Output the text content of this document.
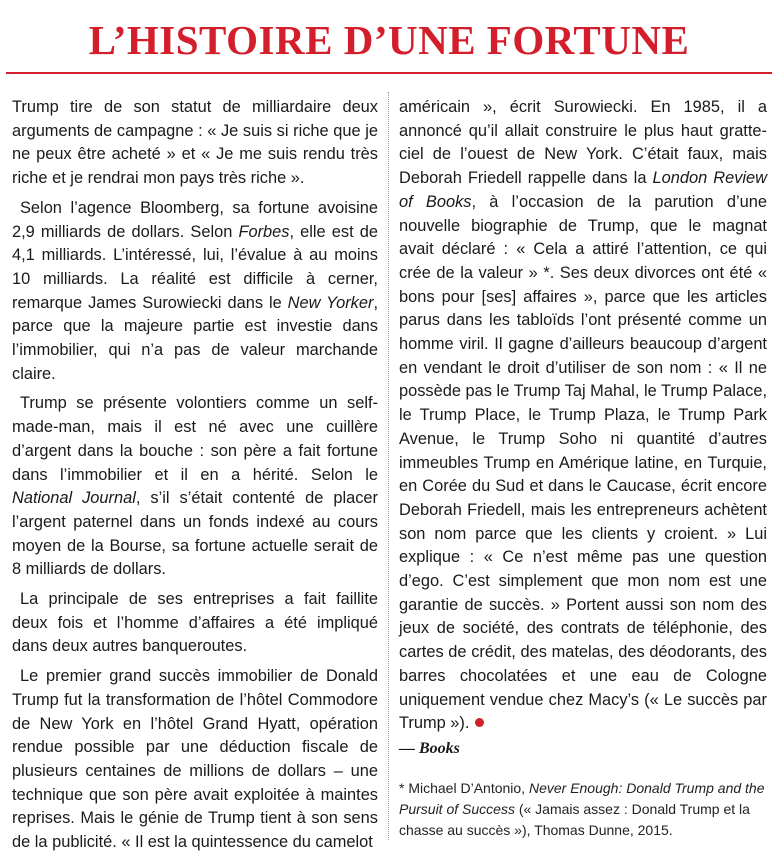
L’HISTOIRE D’UNE FORTUNE

Trump tire de son statut de milliardaire deux arguments de campagne : « Je suis si riche que je ne peux être acheté » et « Je me suis rendu très riche et je rendrai mon pays très riche ».

Selon l’agence Bloomberg, sa fortune avoisine 2,9 milliards de dollars. Selon Forbes, elle est de 4,1 milliards. L’intéressé, lui, l’évalue à au moins 10 milliards. La réalité est difficile à cerner, remarque James Surowiecki dans le New Yorker, parce que la majeure partie est investie dans l’immobilier, qui n’a pas de valeur marchande claire.

Trump se présente volontiers comme un self-made-man, mais il est né avec une cuillère d’argent dans la bouche : son père a fait fortune dans l’immobilier et il en a hérité. Selon le National Journal, s’il s’était contenté de placer l’argent paternel dans un fonds indexé au cours moyen de la Bourse, sa fortune actuelle serait de 8 milliards de dollars.

La principale de ses entreprises a fait faillite deux fois et l’homme d’affaires a été impliqué dans deux autres banqueroutes.

Le premier grand succès immobilier de Donald Trump fut la transformation de l’hôtel Commodore de New York en l’hôtel Grand Hyatt, opération rendue possible par une déduction fiscale de plusieurs centaines de millions de dollars – une technique que son père avait exploitée à maintes reprises. Mais le génie de Trump tient à son sens de la publicité. « Il est la quintessence du camelot

américain », écrit Surowiecki. En 1985, il a annoncé qu’il allait construire le plus haut gratte-ciel de l’ouest de New York. C’était faux, mais Deborah Friedell rappelle dans la London Review of Books, à l’occasion de la parution d’une nouvelle biographie de Trump, que le magnat avait déclaré : « Cela a attiré l’attention, ce qui crée de la valeur » *. Ses deux divorces ont été « bons pour [ses] affaires », parce que les articles parus dans les tabloïds l’ont présenté comme un homme viril. Il gagne d’ailleurs beaucoup d’argent en vendant le droit d’utiliser de son nom : « Il ne possède pas le Trump Taj Mahal, le Trump Palace, le Trump Place, le Trump Plaza, le Trump Park Avenue, le Trump Soho ni quantité d’autres immeubles Trump en Amérique latine, en Turquie, en Corée du Sud et dans le Caucase, écrit encore Deborah Friedell, mais les entrepreneurs achètent son nom parce que les clients y croient. » Lui explique : « Ce n’est même pas une question d’ego. C’est simplement que mon nom est une garantie de succès. » Portent aussi son nom des jeux de société, des contrats de téléphonie, des cartes de crédit, des matelas, des déodorants, des barres chocolatées et une eau de Cologne uniquement vendue chez Macy’s (« Le succès par Trump »).

— Books
* Michael D’Antonio, Never Enough: Donald Trump and the Pursuit of Success (« Jamais assez : Donald Trump et la chasse au succès »), Thomas Dunne, 2015.
